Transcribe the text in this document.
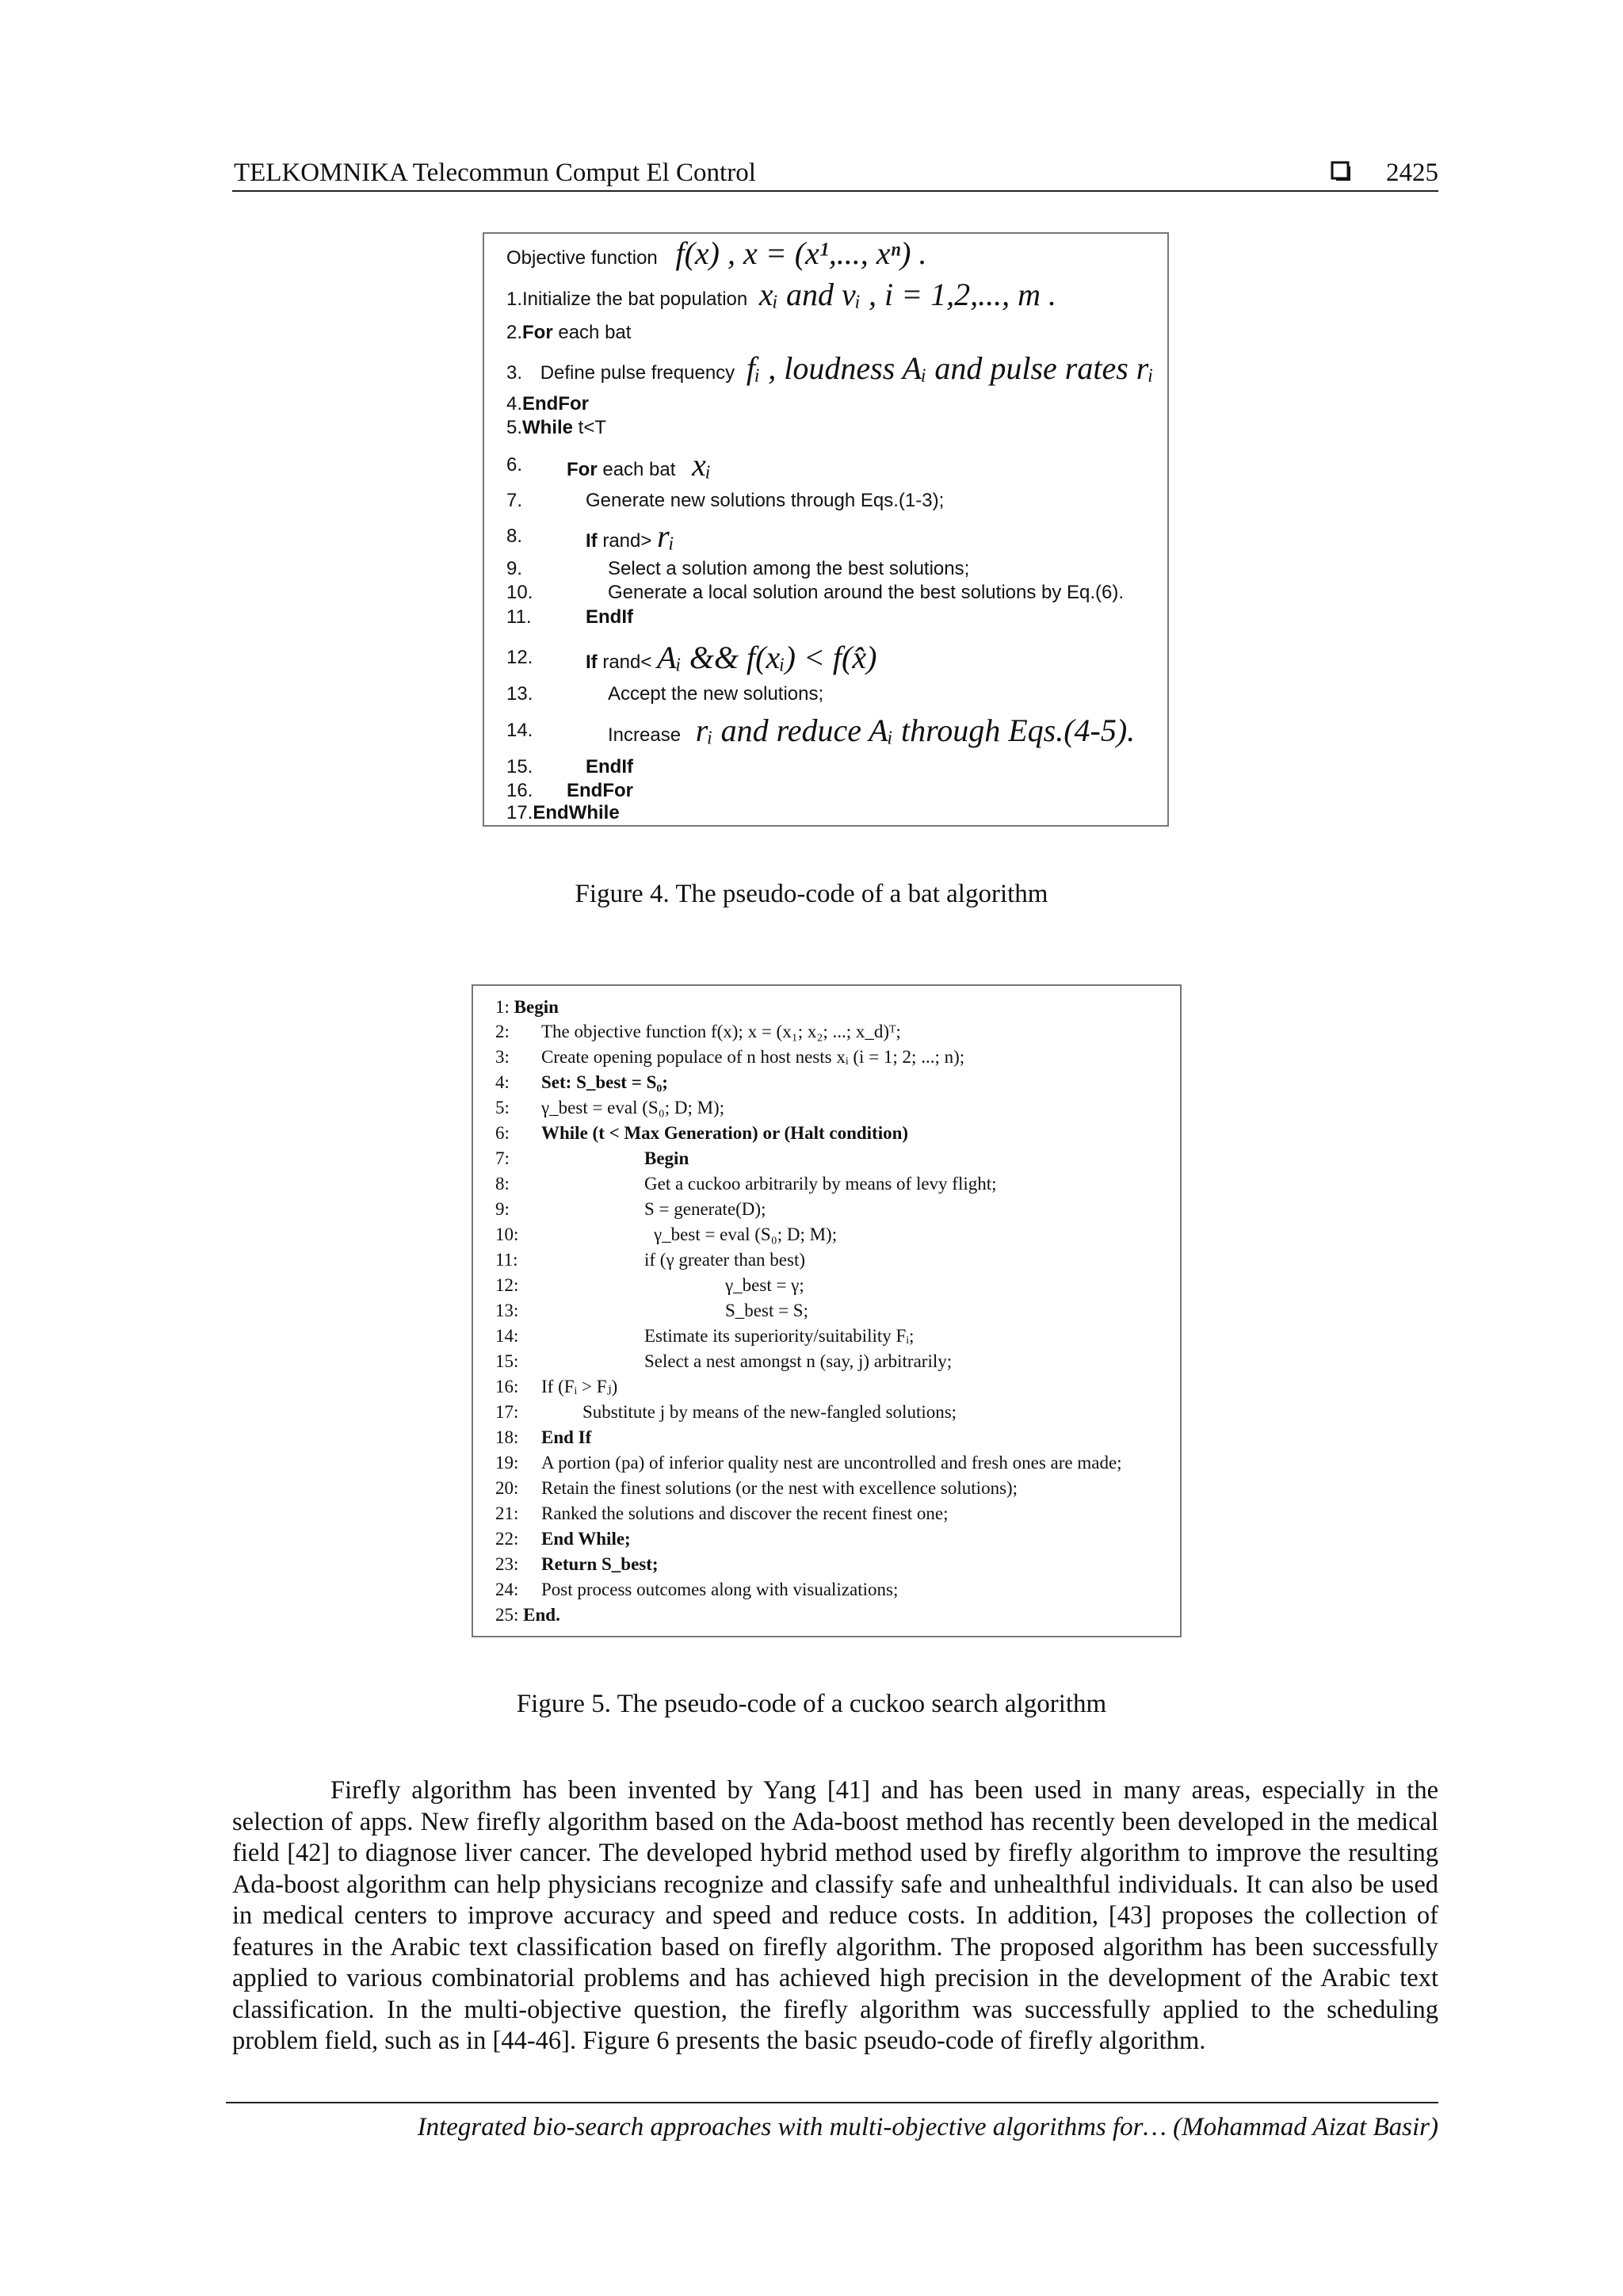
TELKOMNIKA Telecommun Comput El Control	2425
Objective function f(x) , x = (x¹,..., xⁿ) .
1.Initialize the bat population xᵢ and vᵢ , i = 1,2,..., m .
2.For each bat
3. Define pulse frequency fᵢ , loudness Aᵢ and pulse rates rᵢ
4.EndFor
5.While t<T
6. For each bat xᵢ
7.	Generate new solutions through Eqs.(1-3);
8.	If rand> rᵢ
9.	Select a solution among the best solutions;
10.	Generate a local solution around the best solutions by Eq.(6).
11.	EndIf
12.	If rand< Aᵢ && f(xᵢ) < f(x̂)
13.	Accept the new solutions;
14.	Increase rᵢ and reduce Aᵢ through Eqs.(4-5).
15.	EndIf
16. EndFor
17.EndWhile
Figure 4. The pseudo-code of a bat algorithm
1: Begin
2: The objective function f(x); x = (x₁; x₂; ...; x_d)ᵀ;
3: Create opening populace of n host nests xᵢ (i = 1; 2; ...; n);
4: Set: S_best = S₀;
5: γ_best = eval (S₀; D; M);
6: While (t < Max Generation) or (Halt condition)
7:	Begin
8:	Get a cuckoo arbitrarily by means of levy flight;
9:	S = generate(D);
10:	γ_best = eval (S₀; D; M);
11:	if (γ greater than best)
12:	γ_best = γ;
13:	S_best = S;
14:	Estimate its superiority/suitability Fᵢ;
15:	Select a nest amongst n (say, j) arbitrarily;
16: If (Fᵢ > Fⱼ)
17:	Substitute j by means of the new-fangled solutions;
18: End If
19: A portion (pa) of inferior quality nest are uncontrolled and fresh ones are made;
20: Retain the finest solutions (or the nest with excellence solutions);
21: Ranked the solutions and discover the recent finest one;
22: End While;
23: Return S_best;
24: Post process outcomes along with visualizations;
25: End.
Figure 5. The pseudo-code of a cuckoo search algorithm

Firefly algorithm has been invented by Yang [41] and has been used in many areas, especially in the selection of apps. New firefly algorithm based on the Ada-boost method has recently been developed in the medical field [42] to diagnose liver cancer. The developed hybrid method used by firefly algorithm to improve the resulting Ada-boost algorithm can help physicians recognize and classify safe and unhealthful individuals. It can also be used in medical centers to improve accuracy and speed and reduce costs. In addition, [43] proposes the collection of features in the Arabic text classification based on firefly algorithm. The proposed algorithm has been successfully applied to various combinatorial problems and has achieved high precision in the development of the Arabic text classification. In the multi-objective question, the firefly algorithm was successfully applied to the scheduling problem field, such as in [44-46]. Figure 6 presents the basic pseudo-code of firefly algorithm.

Integrated bio-search approaches with multi-objective algorithms for… (Mohammad Aizat Basir)
